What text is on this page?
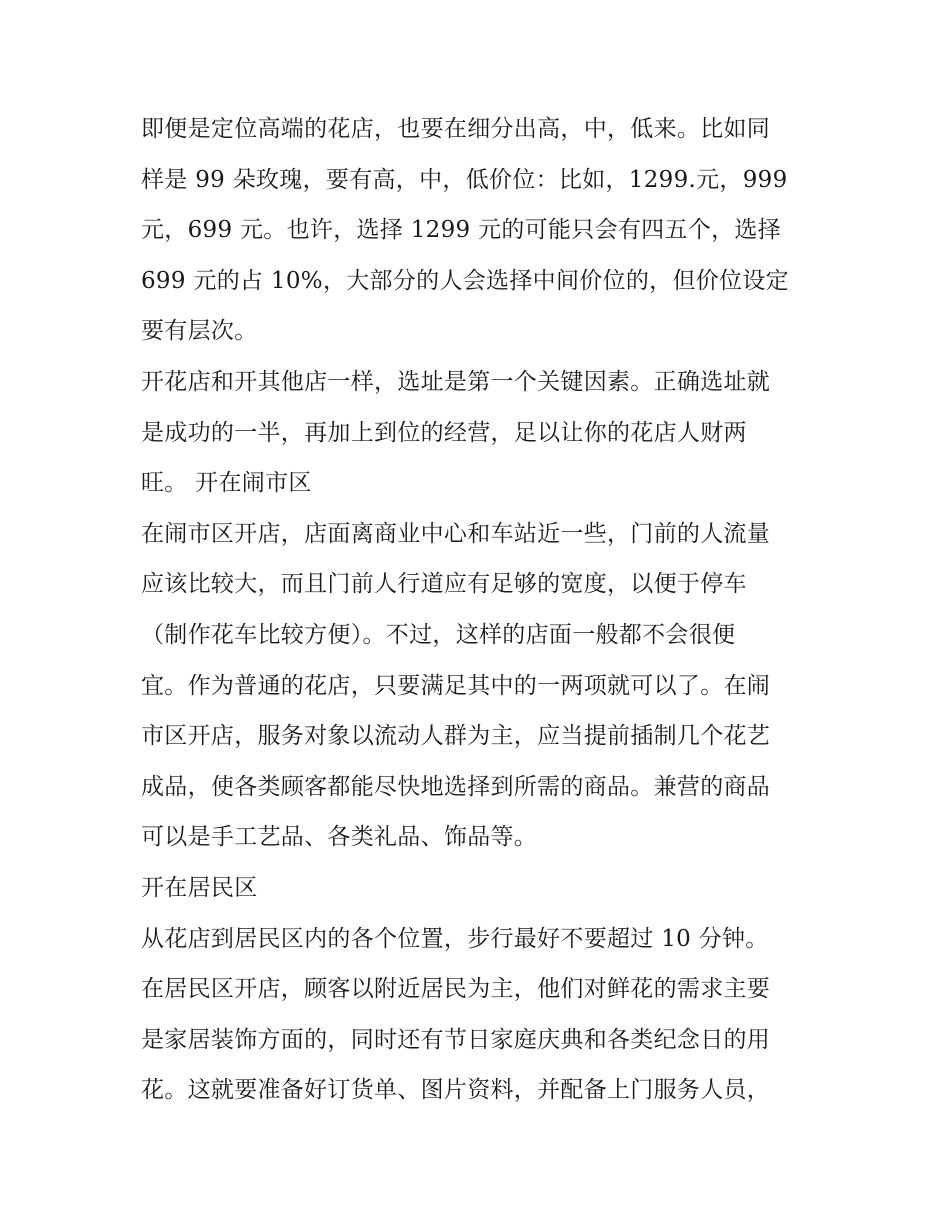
即便是定位高端的花店，也要在细分出高，中，低来。比如同
样是 99 朵玫瑰，要有高，中，低价位：比如，1299.元，999
元，699 元。也许，选择 1299 元的可能只会有四五个，选择
699 元的占 10%，大部分的人会选择中间价位的，但价位设定
要有层次。
开花店和开其他店一样，选址是第一个关键因素。正确选址就
是成功的一半，再加上到位的经营，足以让你的花店人财两
旺。 开在闹市区
在闹市区开店，店面离商业中心和车站近一些，门前的人流量
应该比较大，而且门前人行道应有足够的宽度，以便于停车
（制作花车比较方便）。不过，这样的店面一般都不会很便
宜。作为普通的花店，只要满足其中的一两项就可以了。在闹
市区开店，服务对象以流动人群为主，应当提前插制几个花艺
成品，使各类顾客都能尽快地选择到所需的商品。兼营的商品
可以是手工艺品、各类礼品、饰品等。
开在居民区
从花店到居民区内的各个位置，步行最好不要超过 10 分钟。
在居民区开店，顾客以附近居民为主，他们对鲜花的需求主要
是家居装饰方面的，同时还有节日家庭庆典和各类纪念日的用
花。这就要准备好订货单、图片资料，并配备上门服务人员，
